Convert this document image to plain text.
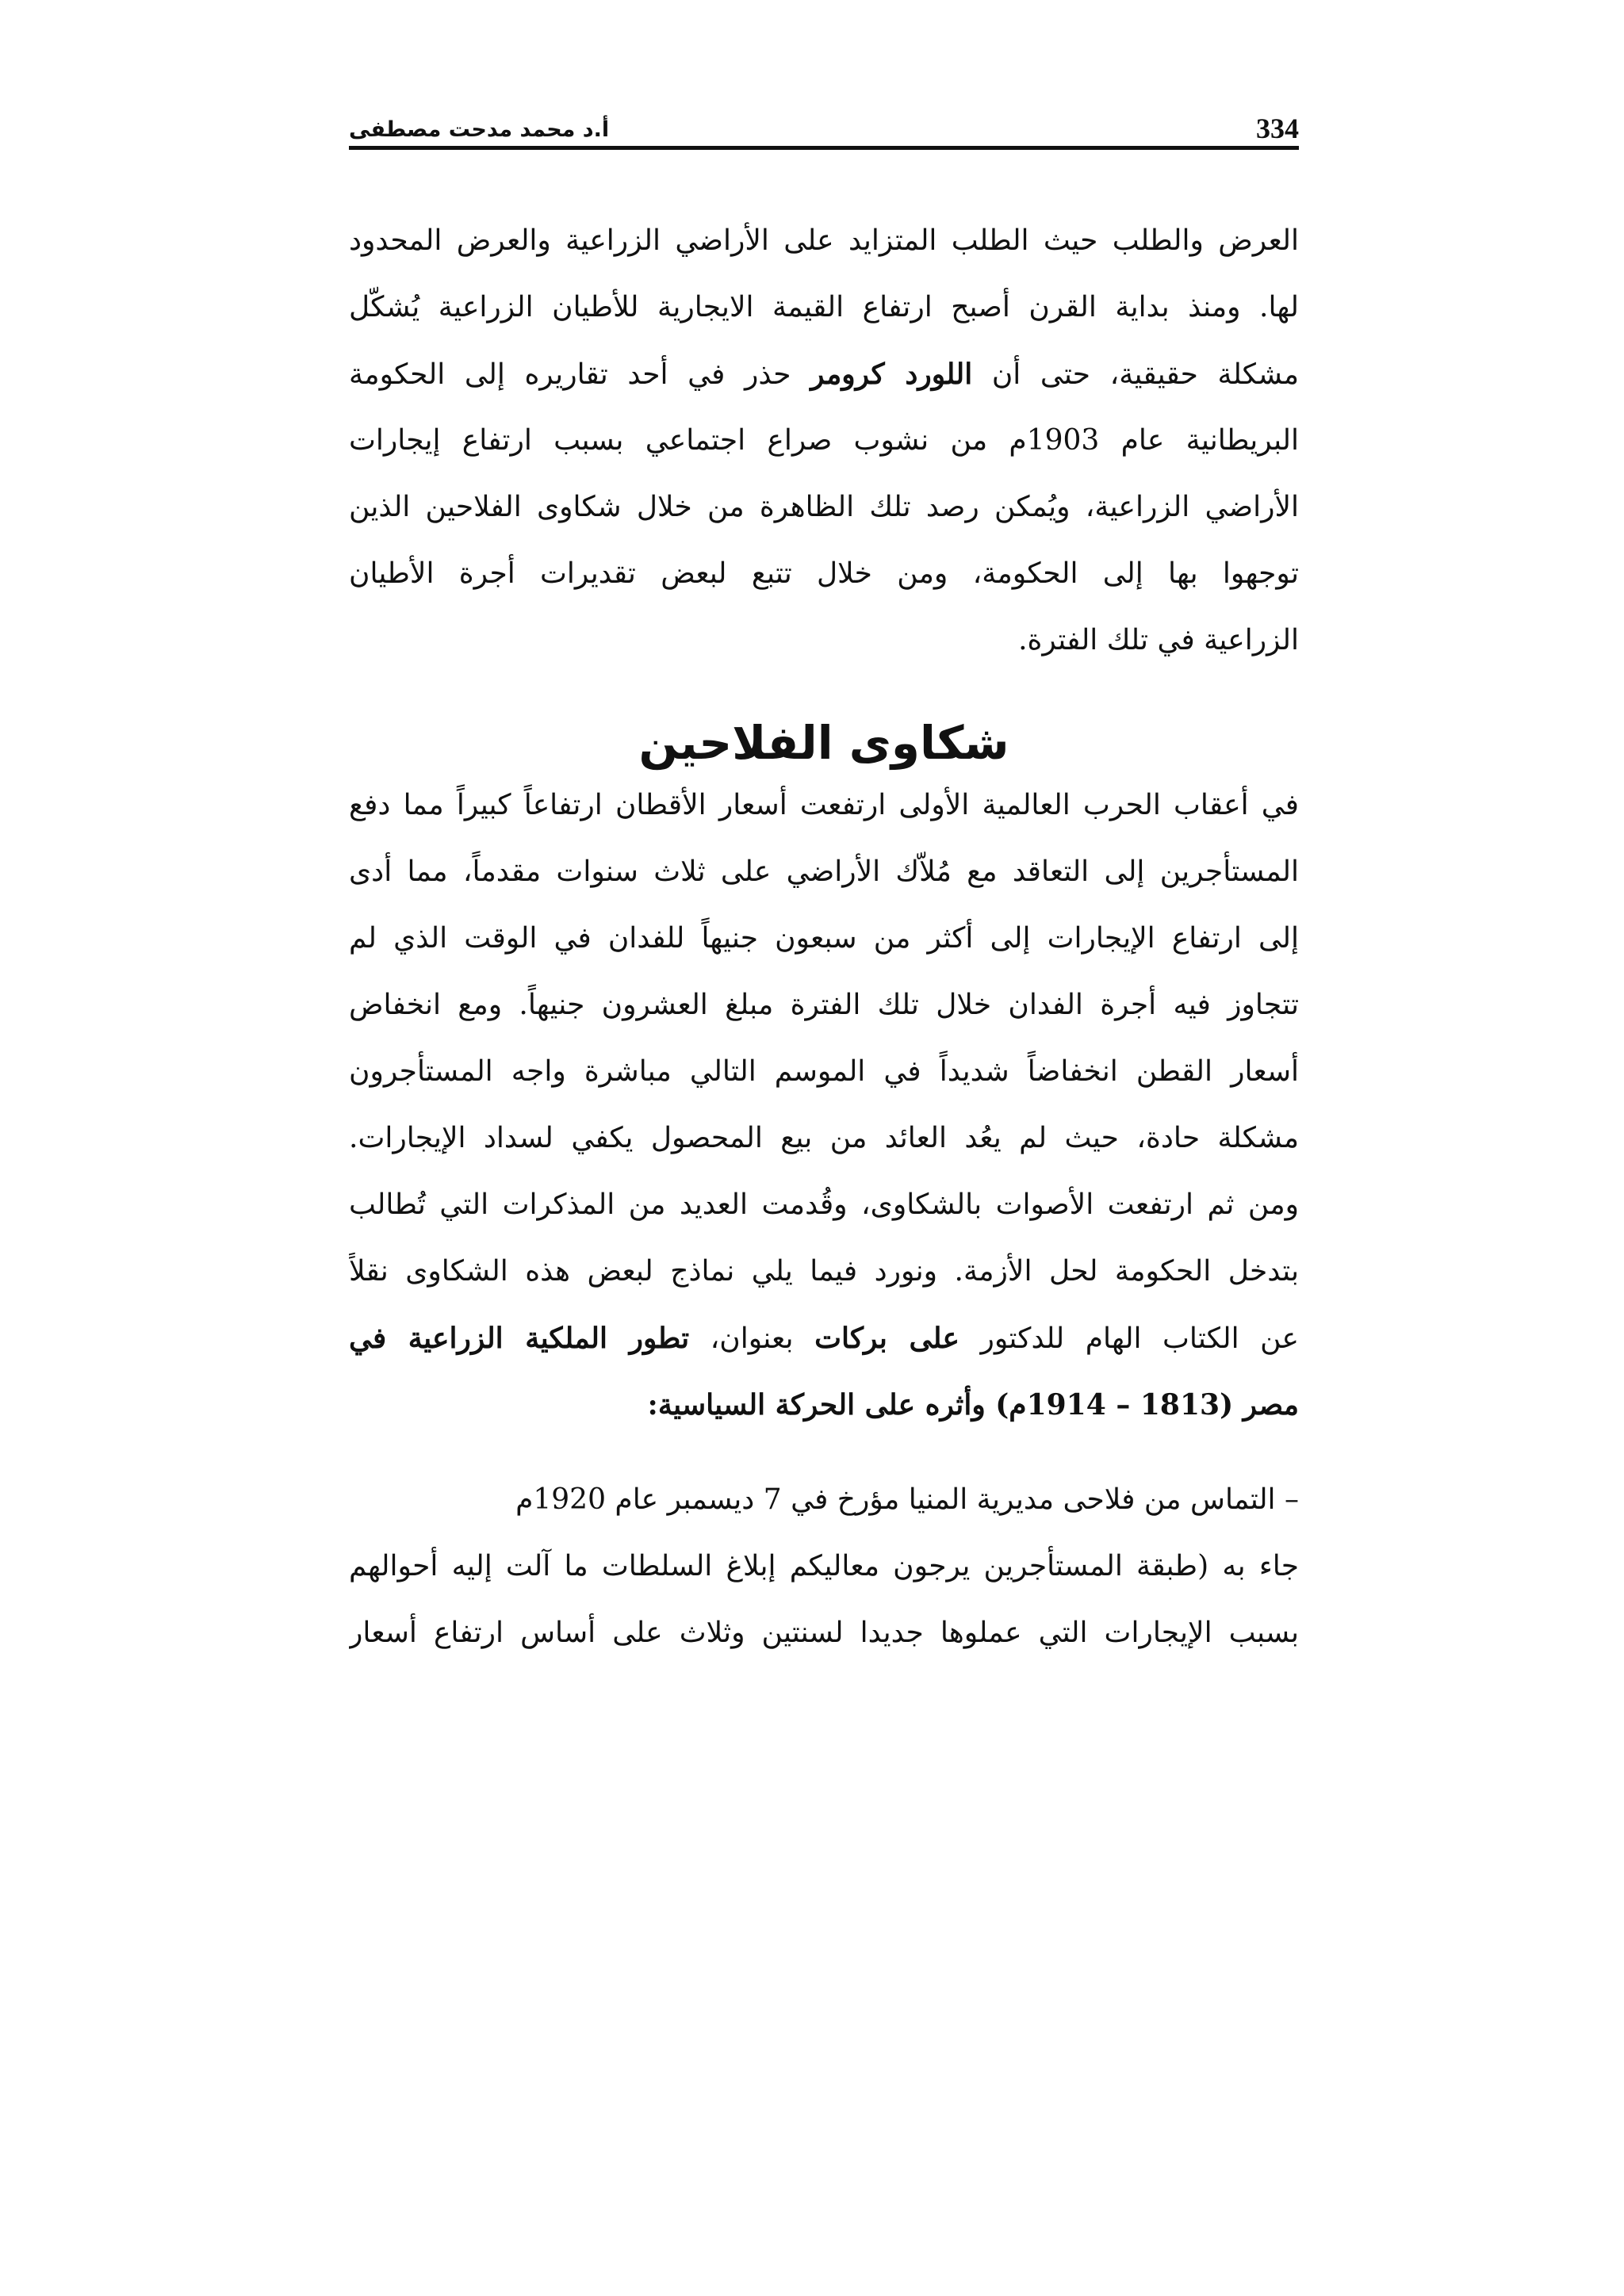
334
أ.د محمد مدحت مصطفى
العرض والطلب حيث الطلب المتزايد على الأراضي الزراعية والعرض المحدود
لها. ومنذ بداية القرن أصبح ارتفاع القيمة الايجارية للأطيان الزراعية يُشكّل
مشكلة حقيقية، حتى أن اللورد كرومر حذر في أحد تقاريره إلى الحكومة
البريطانية عام 1903م من نشوب صراع اجتماعي بسبب ارتفاع إيجارات
الأراضي الزراعية، ويُمكن رصد تلك الظاهرة من خلال شكاوى الفلاحين الذين
توجهوا بها إلى الحكومة، ومن خلال تتبع لبعض تقديرات أجرة الأطيان
الزراعية في تلك الفترة.
شكاوى الفلاحين
في أعقاب الحرب العالمية الأولى ارتفعت أسعار الأقطان ارتفاعاً كبيراً مما دفع
المستأجرين إلى التعاقد مع مُلاّك الأراضي على ثلاث سنوات مقدماً، مما أدى
إلى ارتفاع الإيجارات إلى أكثر من سبعون جنيهاً للفدان في الوقت الذي لم
تتجاوز فيه أجرة الفدان خلال تلك الفترة مبلغ العشرون جنيهاً. ومع انخفاض
أسعار القطن انخفاضاً شديداً في الموسم التالي مباشرة واجه المستأجرون
مشكلة حادة، حيث لم يعُد العائد من بيع المحصول يكفي لسداد الإيجارات.
ومن ثم ارتفعت الأصوات بالشكاوى، وقُدمت العديد من المذكرات التي تُطالب
بتدخل الحكومة لحل الأزمة. ونورد فيما يلي نماذج لبعض هذه الشكاوى نقلاً
عن الكتاب الهام للدكتور على بركات بعنوان، تطور الملكية الزراعية في
مصر (1813 – 1914م) وأثره على الحركة السياسية:
– التماس من فلاحى مديرية المنيا مؤرخ في 7 ديسمبر عام 1920م
جاء به (طبقة المستأجرين يرجون معاليكم إبلاغ السلطات ما آلت إليه أحوالهم
بسبب الإيجارات التي عملوها جديدا لسنتين وثلاث على أساس ارتفاع أسعار
